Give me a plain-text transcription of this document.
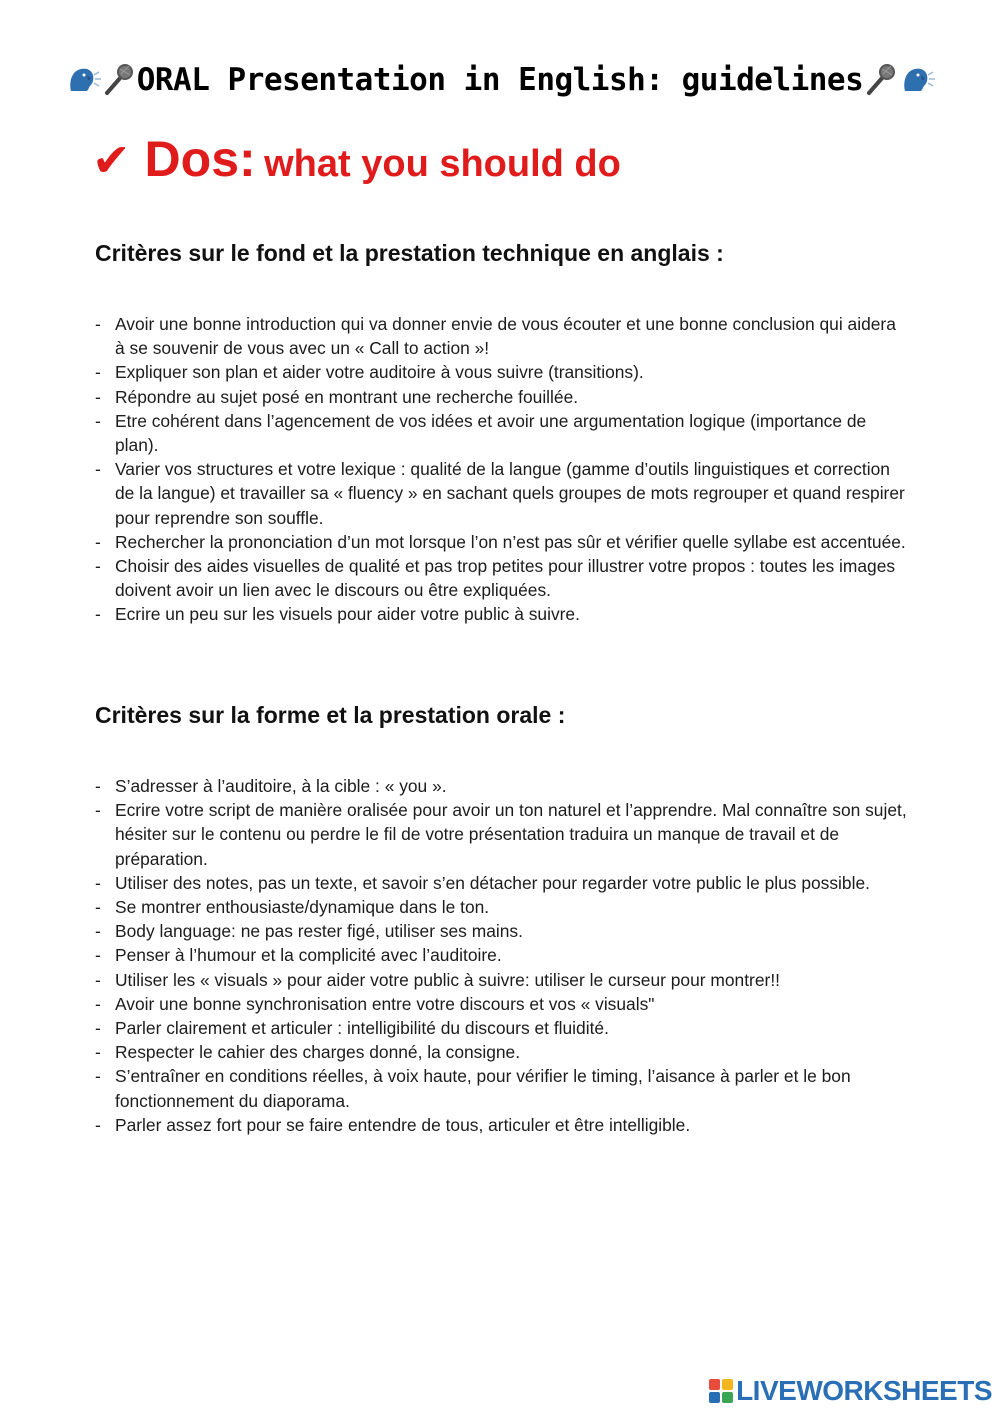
ORAL Presentation in English: guidelines
✔ Dos: what you should do
Critères sur le fond et la prestation technique en anglais :
- Avoir une bonne introduction qui va donner envie de vous écouter et une bonne conclusion qui aidera à se souvenir de vous avec un « Call to action »!
- Expliquer son plan et aider votre auditoire à vous suivre (transitions).
- Répondre au sujet posé en montrant une recherche fouillée.
- Etre cohérent dans l’agencement de vos idées et avoir une argumentation logique (importance de plan).
- Varier vos structures et votre lexique : qualité de la langue (gamme d’outils linguistiques et correction de la langue) et travailler sa « fluency » en sachant quels groupes de mots regrouper et quand respirer pour reprendre son souffle.
- Rechercher la prononciation d’un mot lorsque l’on n’est pas sûr et vérifier quelle syllabe est accentuée.
- Choisir des aides visuelles de qualité et pas trop petites pour illustrer votre propos : toutes les images doivent avoir un lien avec le discours ou être expliquées.
- Ecrire un peu sur les visuels pour aider votre public à suivre.
Critères sur la forme et la prestation orale :
- S’adresser à l’auditoire, à la cible : « you ».
- Ecrire votre script de manière oralisée pour avoir un ton naturel et l’apprendre. Mal connaître son sujet, hésiter sur le contenu ou perdre le fil de votre présentation traduira un manque de travail et de préparation.
- Utiliser des notes, pas un texte, et savoir s’en détacher pour regarder votre public le plus possible.
- Se montrer enthousiaste/dynamique dans le ton.
- Body language: ne pas rester figé, utiliser ses mains.
- Penser à l’humour et la complicité avec l’auditoire.
- Utiliser les « visuals » pour aider votre public à suivre: utiliser le curseur pour montrer!!
- Avoir une bonne synchronisation entre votre discours et vos « visuals"
- Parler clairement et articuler : intelligibilité du discours et fluidité.
- Respecter le cahier des charges donné, la consigne.
- S’entraîner en conditions réelles, à voix haute, pour vérifier le timing, l’aisance à parler et le bon fonctionnement du diaporama.
- Parler assez fort pour se faire entendre de tous, articuler et être intelligible.
LIVEWORKSHEETS
